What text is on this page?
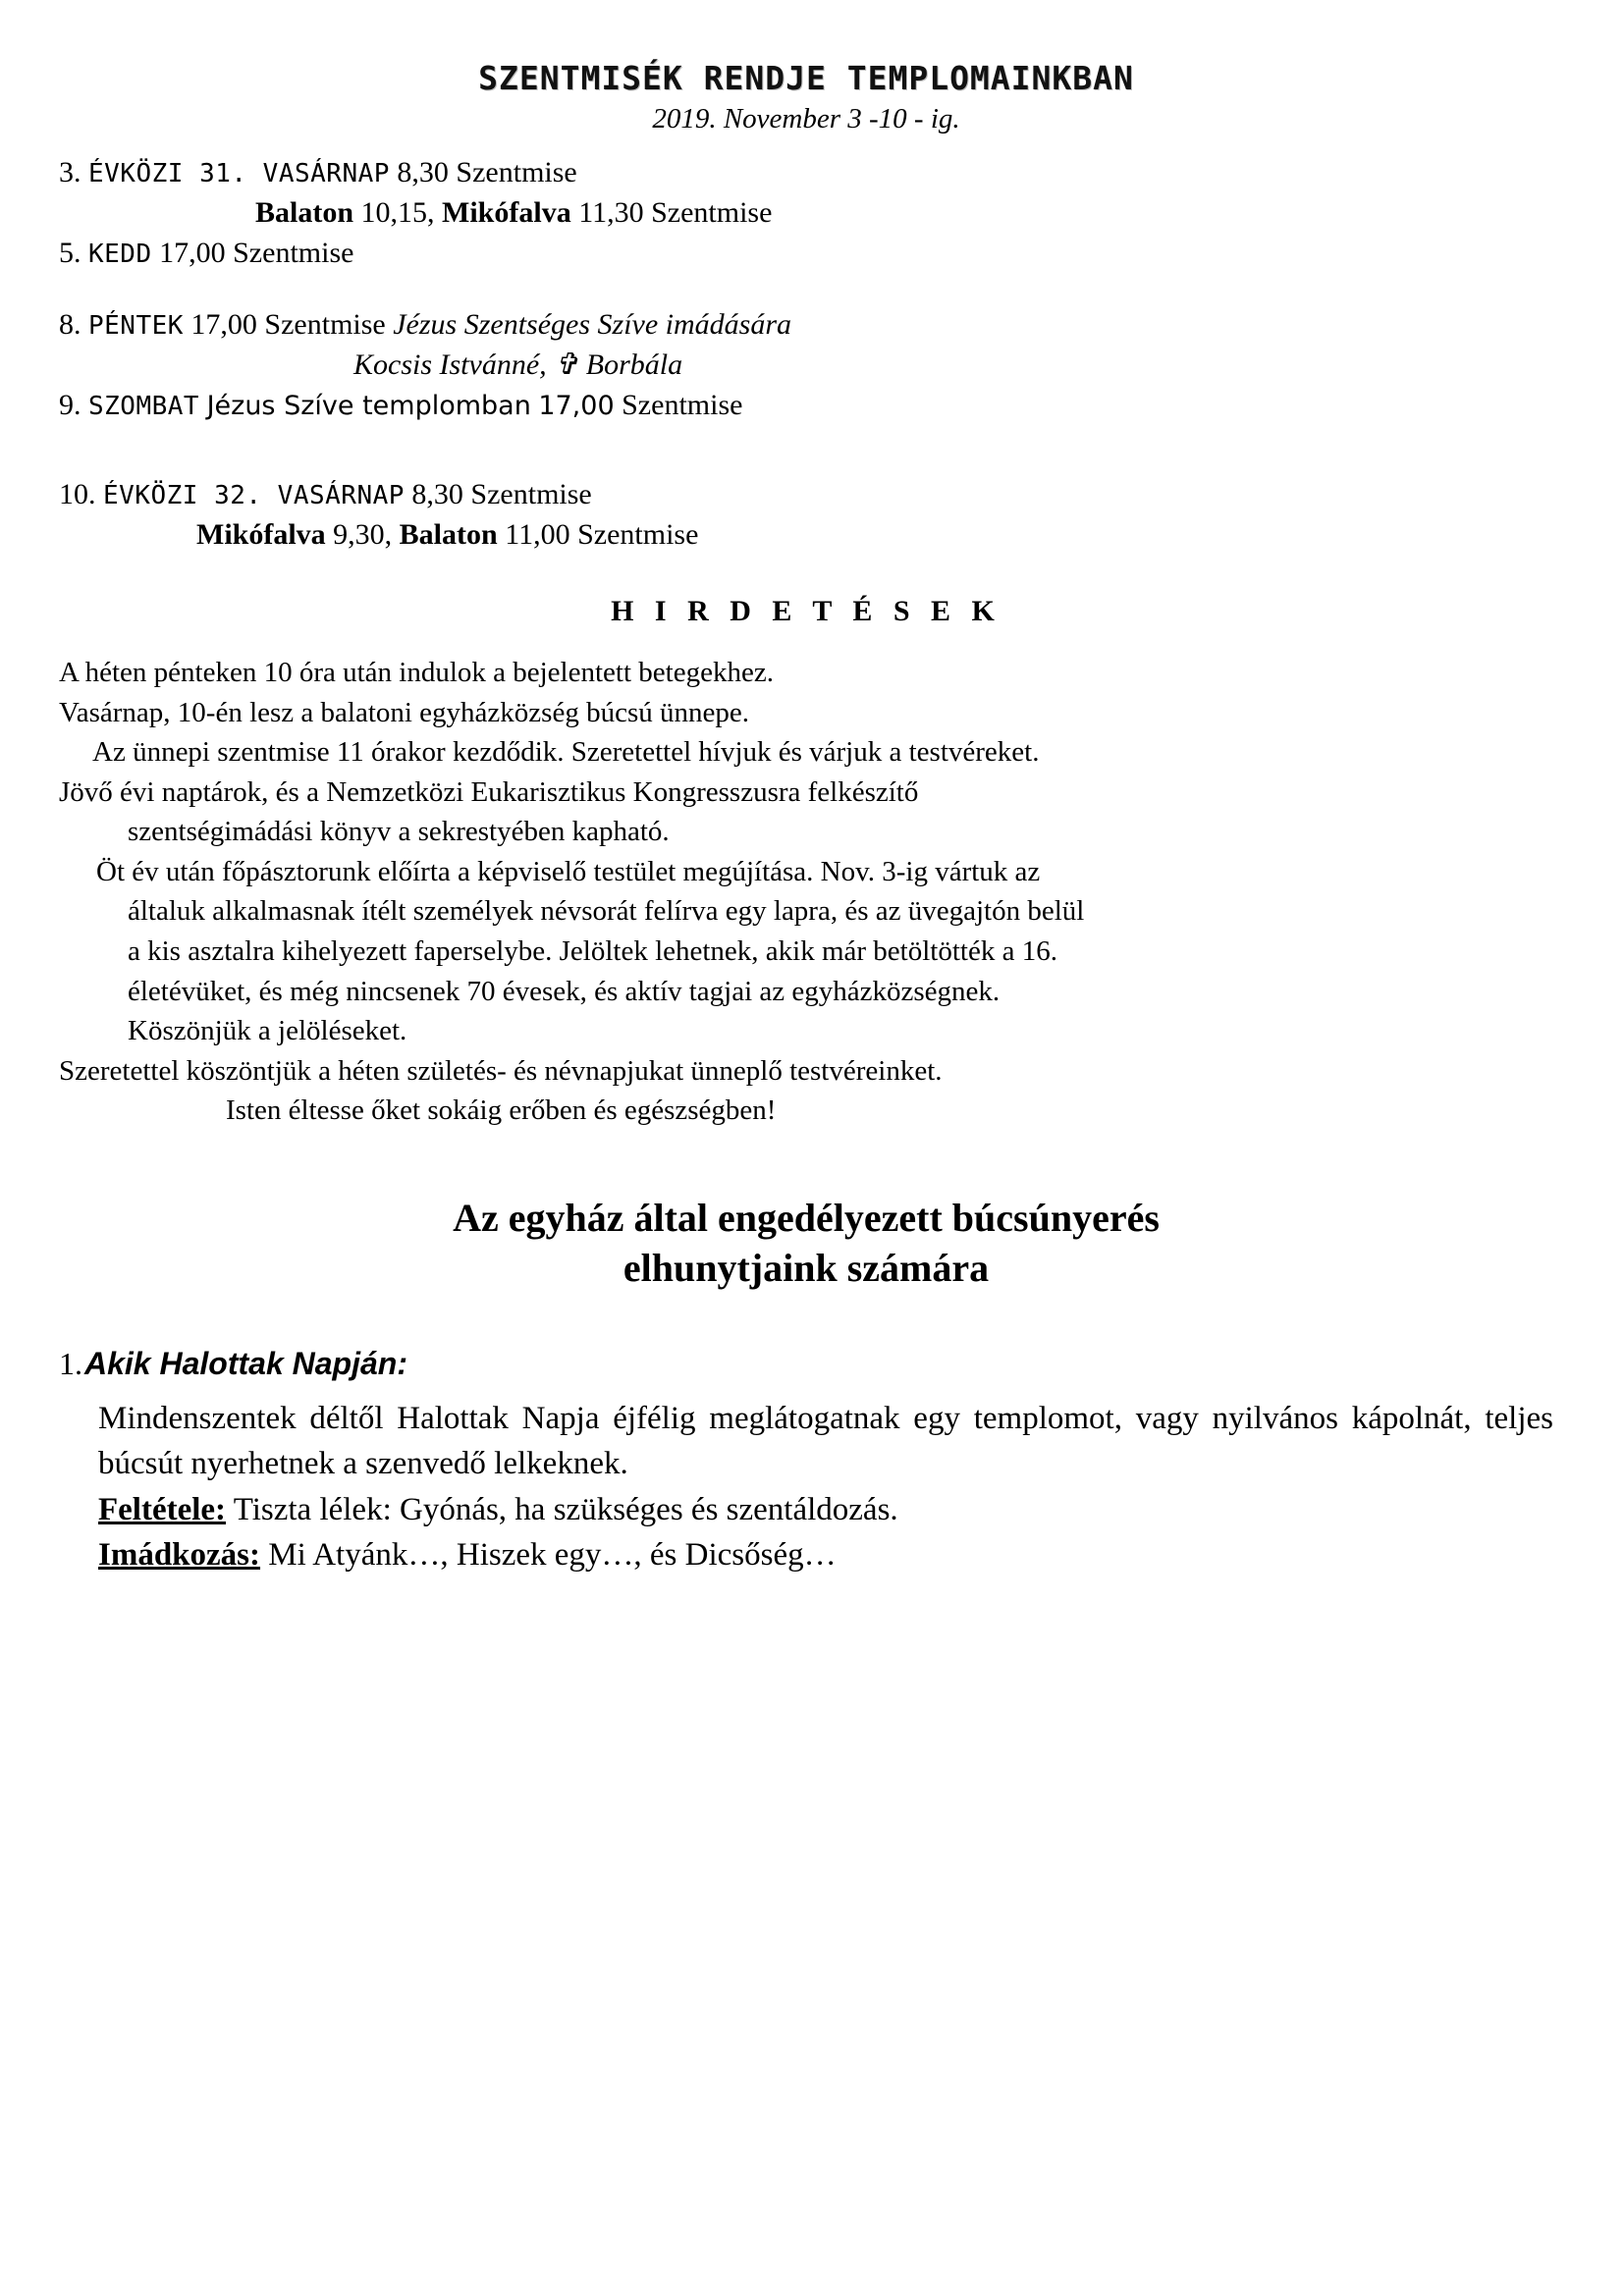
SZENTMISÉK RENDJE TEMPLOMAINKBAN
2019. November 3 -10 - ig.
3. ÉVKÖZI 31. VASÁRNAP 8,30 Szentmise
Balaton 10,15, Mikófalva 11,30 Szentmise
5. KEDD 17,00 Szentmise
8. PÉNTEK 17,00 Szentmise Jézus Szentséges Szíve imádására
Kocsis Istvánné, ✞ Borbála
9. SZOMBAT Jézus Szíve templomban 17,00 Szentmise
10. ÉVKÖZI 32. VASÁRNAP 8,30 Szentmise
Mikófalva 9,30, Balaton 11,00 Szentmise
H I R D E T É S E K

A héten pénteken 10 óra után indulok a bejelentett betegekhez.

Vasárnap, 10-én lesz a balatoni egyházközség búcsú ünnepe.

Az ünnepi szentmise 11 órakor kezdődik. Szeretettel hívjuk és várjuk a testvéreket.

Jövő évi naptárok, és a Nemzetközi Eukarisztikus Kongresszusra felkészítő

szentségimádási könyv a sekrestyében kapható.

Öt év után főpásztorunk előírta a képviselő testület megújítása. Nov. 3-ig vártuk az

általuk alkalmasnak ítélt személyek névsorát felírva egy lapra, és az üvegajtón belül

a kis asztalra kihelyezett faperselybe. Jelöltek lehetnek, akik már betöltötték a 16.

életévüket, és még nincsenek 70 évesek, és aktív tagjai az egyházközségnek.

Köszönjük a jelöléseket.

Szeretettel köszöntjük a héten születés- és névnapjukat ünneplő testvéreinket.

Isten éltesse őket sokáig erőben és egészségben!

Az egyház által engedélyezett búcsúnyerés
elhunytjaink számára
1. Akik Halottak Napján:
Mindenszentek déltől Halottak Napja éjfélig meglátogatnak egy templomot, vagy nyilvános kápolnát, teljes búcsút nyerhetnek a szenvedő lelkeknek.
Feltétele: Tiszta lélek: Gyónás, ha szükséges és szentáldozás.
Imádkozás: Mi Atyánk…, Hiszek egy…, és Dicsőség…
